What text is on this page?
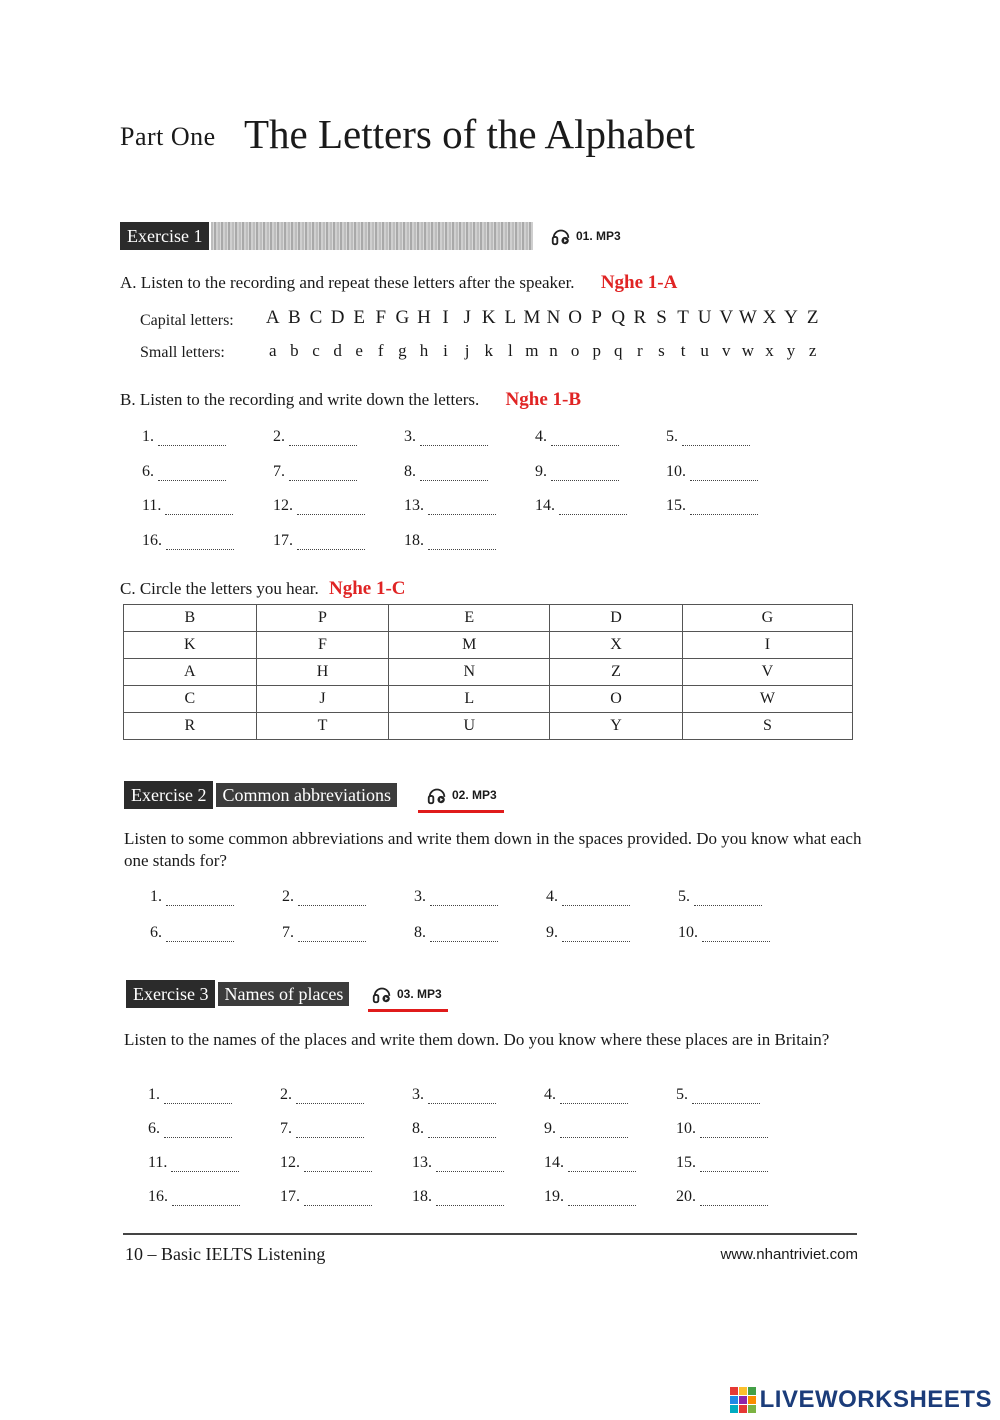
Part One The Letters of the Alphabet
Exercise 1	01. MP3
A. Listen to the recording and repeat these letters after the speaker. Nghe 1-A
Capital letters: A B C D E F G H I J K L M N O P Q R S T U V W X Y Z
Small letters:	a b c d e f g h i j k l m n o p q r s t u v w x y z
B. Listen to the recording and write down the letters. Nghe 1-B
1.	2.	3.	4.	5.
6.	7.	8.	9.	10.
11.	12.	13.	14.	15.
16.	17.	18.
C. Circle the letters you hear. Nghe 1-C
B	P	E	D	G
K	F	M	X	I
A	H	N	Z	V
C	J	L	O	W
R	T	U	Y	S
Exercise 2 Common abbreviations	02. MP3
Listen to some common abbreviations and write them down in the spaces provided. Do you know what each one stands for?
1.	2.	3.	4.	5.
6.	7.	8.	9.	10.
Exercise 3 Names of places	03. MP3
Listen to the names of the places and write them down. Do you know where these places are in Britain?
1.	2.	3.	4.	5.
6.	7.	8.	9.	10.
11.	12.	13.	14.	15.
16.	17.	18.	19.	20.
10 – Basic IELTS Listening	www.nhantriviet.com
LIVEWORKSHEETS
